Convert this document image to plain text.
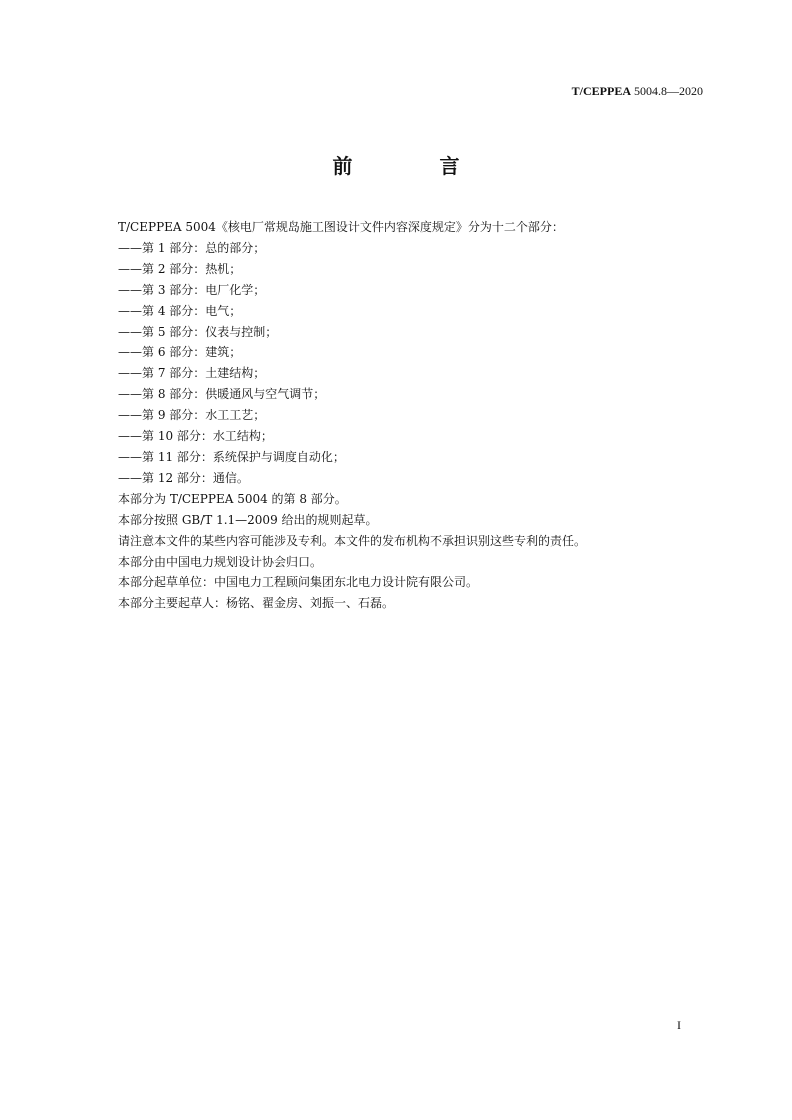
T/CEPPEA 5004.8—2020
前 言
T/CEPPEA 5004《核电厂常规岛施工图设计文件内容深度规定》分为十二个部分：
——第 1 部分：总的部分；
——第 2 部分：热机；
——第 3 部分：电厂化学；
——第 4 部分：电气；
——第 5 部分：仪表与控制；
——第 6 部分：建筑；
——第 7 部分：土建结构；
——第 8 部分：供暖通风与空气调节；
——第 9 部分：水工工艺；
——第 10 部分：水工结构；
——第 11 部分：系统保护与调度自动化；
——第 12 部分：通信。
本部分为 T/CEPPEA 5004 的第 8 部分。
本部分按照 GB/T 1.1—2009 给出的规则起草。
请注意本文件的某些内容可能涉及专利。本文件的发布机构不承担识别这些专利的责任。
本部分由中国电力规划设计协会归口。
本部分起草单位：中国电力工程顾问集团东北电力设计院有限公司。
本部分主要起草人：杨铭、翟金房、刘振一、石磊。
I
